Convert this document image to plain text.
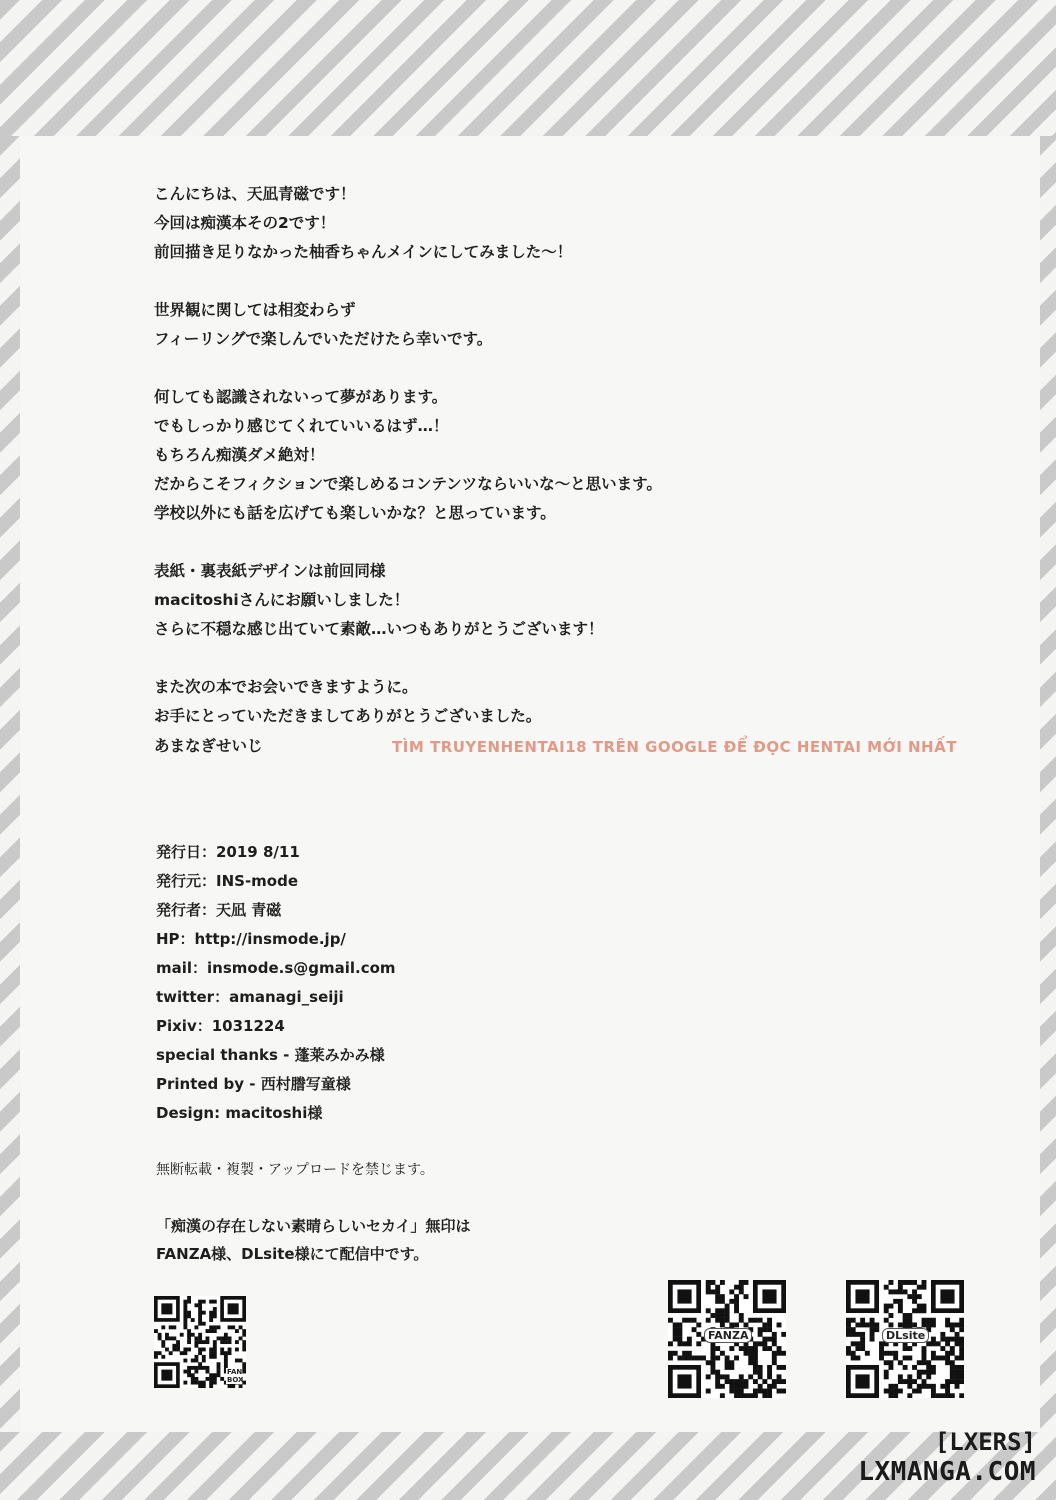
こんにちは、天凪青磁です！
今回は痴漢本その2です！
前回描き足りなかった柚香ちゃんメインにしてみました〜！

世界観に関しては相変わらず
フィーリングで楽しんでいただけたら幸いです。

何しても認識されないって夢があります。
でもしっかり感じてくれていいるはず…！
もちろん痴漢ダメ絶対！
だからこそフィクションで楽しめるコンテンツならいいな〜と思います。
学校以外にも話を広げても楽しいかな？と思っています。

表紙・裏表紙デザインは前回同様
macitoshiさんにお願いしました！
さらに不穏な感じ出ていて素敵…いつもありがとうございます！

また次の本でお会いできますように。
お手にとっていただきましてありがとうございました。

TÌM TRUYENHENTAI18 TRÊN GOOGLE ĐỂ ĐỌC HENTAI MỚI NHẤT
あまなぎせいじ
発行日：2019 8/11
発行元：INS-mode
発行者：天凪 青磁
HP：http://insmode.jp/
mail：insmode.s@gmail.com
twitter：amanagi_seiji
Pixiv：1031224
special thanks - 蓬莱みかみ様
Printed by - 西村謄写童様
Design: macitoshi様
無断転載・複製・アップロードを禁じます。
「痴漢の存在しない素晴らしいセカイ」無印は
FANZA様、DLsite様にて配信中です。
FAN BOX
FANZA	DLsite
[LXERS]
LXMANGA.COM
